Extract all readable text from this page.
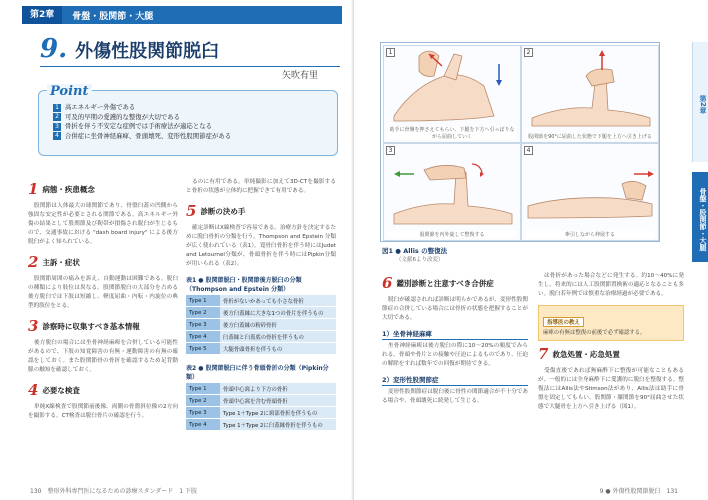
第2章	骨盤・股関節・大腿
9. 外傷性股関節脱臼
矢吹有里
Point
1 高エネルギー外傷である
2 可及的早期の愛護的な整復が大切である
3 骨折を伴う不安定な症例では手術療法が適応となる
4 合併症に坐骨神経麻痺、骨頭壊死、変形性股関節症がある
1 病態・疾患概念

股関節は人体最大の球関節であり、骨盤臼蓋の凹側から強固な安定性が必要とされる関節である。高エネルギー外傷の結果として股関節及び靭帯が損傷され脱臼が生じるもので、交通事故における "dash board injury" による後方脱臼がよく知られている。

2 主訴・症状

股関節周囲の痛みを訴え、自動運動は困難である。脱臼の種類により肢位は異なる。股関節脱臼の大部分を占める後方脱臼では下肢は短縮し、軽度屈曲・内転・内旋位の典型的肢位をとる。

3 診察時に収集すべき基本情報

後方脱臼の場合には坐骨神経麻痺を合併している可能性があるので、下肢の知覚障害の有無・運動障害の有無の確認をしておく。また股関節骨の骨折を確認するため足背動脈の触知を確認しておく。

4 必要な検査

単純X線検査で股関節前後像、両側の骨盤斜位像の2方向を撮影する。CT検査は脱臼骨片の確認を行う。

るのに有用である。単純撮影に加えて3D-CTを撮影すると骨折の状態が立体的に把握できて有用である。

5 診断の決め手

確定診断はX線検査で容易である。治療方針を決定するために脱臼骨折の分類を行う。Thompson and Epstein 分類が広く使われている（表1）。寛骨臼骨折を伴う時にはJudet and Letournel分類が、骨頭骨折を伴う時にはPipkin分類が用いられる（表2）。

表1 ● 股関節脱臼・股関節後方脱臼の分類（Thompson and Epstein 分類）
Type 1	骨折がないかあっても小さな骨折
Type 2	後方臼蓋縁に大きな1つの骨片を伴うもの
Type 3	後方臼蓋縁の粉砕骨折
Type 4	臼蓋縁と臼蓋底の骨折を伴うもの
Type 5	大腿骨頭骨折を伴うもの
表2 ● 股関節脱臼に伴う骨頭骨折の分類（Pipkin分類）
Type 1	骨頭中心窩より下方の骨折
Type 2	骨頭中心窩を含む骨頭骨折
Type 3	Type 1＋Type 2に頸部骨折を伴うもの
Type 4	Type 1＋Type 2に臼蓋縁骨折を伴うもの
130　整形外科専門医になるための診療スタンダード　1 下肢
1
助手に骨盤を押さえてもらい、下腿を下方へ引っぱりながら屈曲していく
2
股関節を90°に屈曲した状態で下腿を上方へ引き上げる
3
股関節を内外旋して整復する
4
牽引しながら伸展する
図1 ● Allis の整復法
（文献6より改変）
第2章
骨盤・股関節・大腿
6 鑑別診断と注意すべき合併症

脱臼が確認されれば診断は明らかであるが、変形性股関節症の合併している場合には骨折の状態を把握することが大切である。

1）坐骨神経麻痺

坐骨神経麻痺は後方脱臼の際に10〜20%の頻度でみられる。骨頭や骨片との接触や圧迫によるものであり、圧迫の解除をすれば数年での回復が期待できる。

2）変形性股関節症

変形性股関節症は脱臼後に骨性の関節適合が不十分である場合や、骨頭壊死に続発して生じる。

は骨折があった場合などに発生する。約10〜40%に発生し、将来的には人工股関節置換術の適応となることも多い。脱臼若年例では慎重な治療経過が必要である。

指導医の教え
麻痺の有無は整復の前後で必ず確認する。
7 救急処置・応急処置

受傷直後であれば無麻酔下に整復が可能なこともあるが、一般的には全身麻酔下に愛護的に脱臼を整復する。整復法にはAllis法やStimson法があり、Allis法は助手に骨盤を固定してもらい、股関節・膝関節を90°屈曲させた状態で大腿骨を上方へ引き上げる（図1）。

9 ● 外傷性股関節脱臼　131
